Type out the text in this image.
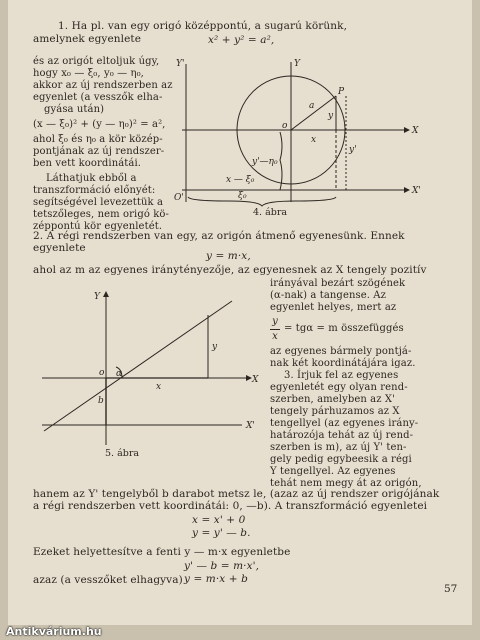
1. Ha pl. van egy origó középpontú, a sugarú körünk,
amelynek egyenlete	x² + y² = a²,
és az origót eltoljuk úgy,
hogy x₀ — ξ₀, y₀ — η₀,
akkor az új rendszerben az
egyenlet (a vesszők elha-
gyása után)
(x — ξ₀)² + (y — η₀)² = a²,
ahol ξ₀ és η₀ a kör közép-
pontjának az új rendszer-
ben vett koordinátái.
Láthatjuk ebből a
transzformáció előnyét:
segítségével levezettük a
tetszőleges, nem origó kö-
zéppontú kör egyenletét.
Y'	Y
X
X'
o
O'
P
x
y
y'
y'—η₀
x — ξ₀
a
ξ₀
4. ábra
2. A régi rendszerben van egy, az origón átmenő egyenesünk. Ennek
egyenlete
y = m·x,
ahol az m az egyenes iránytényezője, az egyenesnek az X tengely pozitív
irányával bezárt szögének
(α-nak) a tangense. Az
egyenlet helyes, mert az
y
x
= tgα = m összefüggés
az egyenes bármely pontjá-
nak két koordinátájára igaz.
3. Írjuk fel az egyenes
egyenletét egy olyan rend-
szerben, amelyben az X'
tengely párhuzamos az X
tengellyel (az egyenes irány-
határozója tehát az új rend-
szerben is m), az új Y' ten-
gely pedig egybeesik a régi
Y tengellyel. Az egyenes
tehát nem megy át az origón,
Y
o α
x
y
b
X
X'
5. ábra
hanem az Y' tengelyből b darabot metsz le, (azaz az új rendszer origójának
a régi rendszerben vett koordinátái: 0, —b). A transzformáció egyenletei
x = x' + 0
y = y' — b.
Ezeket helyettesítve a fenti y — m·x egyenletbe
y' — b = m·x',
azaz (a vesszőket elhagyva) y = m·x + b
57
Antikvárium.hu
